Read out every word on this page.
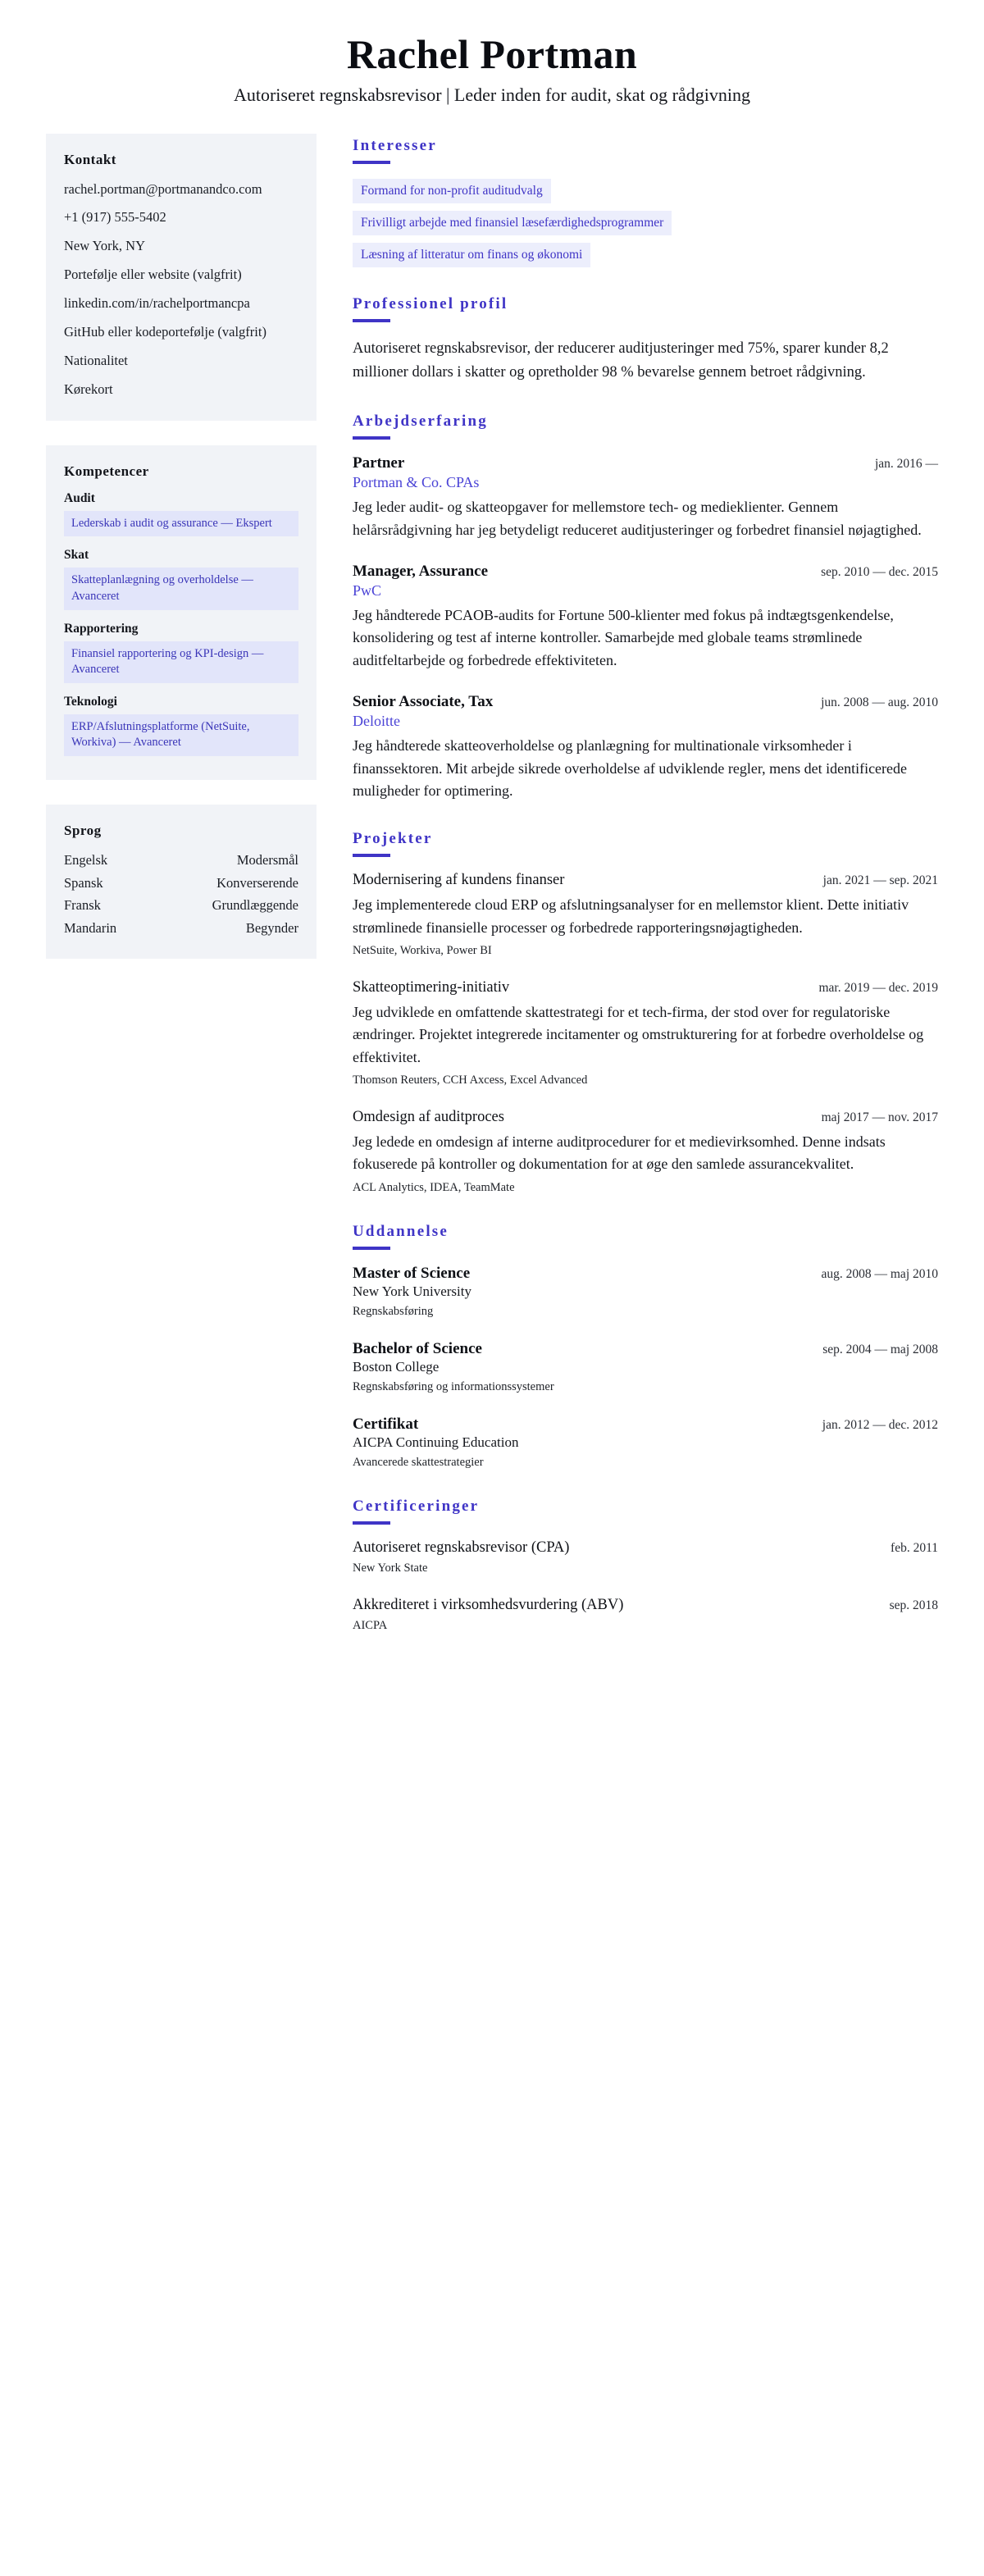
Rachel Portman
Autoriseret regnskabsrevisor | Leder inden for audit, skat og rådgivning
Kontakt
rachel.portman@portmanandco.com
+1 (917) 555-5402
New York, NY
Portefølje eller website (valgfrit)
linkedin.com/in/rachelportmancpa
GitHub eller kodeportefølje (valgfrit)
Nationalitet
Kørekort
Kompetencer
Audit
Lederskab i audit og assurance — Ekspert
Skat
Skatteplanlægning og overholdelse — Avanceret
Rapportering
Finansiel rapportering og KPI-design — Avanceret
Teknologi
ERP/Afslutningsplatforme (NetSuite, Workiva) — Avanceret
Sprog
Engelsk	Modersmål
Spansk	Konverserende
Fransk	Grundlæggende
Mandarin	Begynder
Interesser
Formand for non-profit auditudvalg
Frivilligt arbejde med finansiel læsefærdighedsprogrammer
Læsning af litteratur om finans og økonomi
Professionel profil

Autoriseret regnskabsrevisor, der reducerer auditjusteringer med 75%, sparer kunder 8,2 millioner dollars i skatter og opretholder 98 % bevarelse gennem betroet rådgivning.

Arbejdserfaring
Partner	jan. 2016 —
Portman & Co. CPAs
Jeg leder audit- og skatteopgaver for mellemstore tech- og medieklienter. Gennem helårsrådgivning har jeg betydeligt reduceret auditjusteringer og forbedret finansiel nøjagtighed.
Manager, Assurance	sep. 2010 — dec. 2015
PwC
Jeg håndterede PCAOB-audits for Fortune 500-klienter med fokus på indtægtsgenkendelse, konsolidering og test af interne kontroller. Samarbejde med globale teams strømlinede auditfeltarbejde og forbedrede effektiviteten.
Senior Associate, Tax	jun. 2008 — aug. 2010
Deloitte
Jeg håndterede skatteoverholdelse og planlægning for multinationale virksomheder i finanssektoren. Mit arbejde sikrede overholdelse af udviklende regler, mens det identificerede muligheder for optimering.
Projekter
Modernisering af kundens finanser	jan. 2021 — sep. 2021
Jeg implementerede cloud ERP og afslutningsanalyser for en mellemstor klient. Dette initiativ strømlinede finansielle processer og forbedrede rapporteringsnøjagtigheden.
NetSuite, Workiva, Power BI
Skatteoptimering-initiativ	mar. 2019 — dec. 2019
Jeg udviklede en omfattende skattestrategi for et tech-firma, der stod over for regulatoriske ændringer. Projektet integrerede incitamenter og omstrukturering for at forbedre overholdelse og effektivitet.
Thomson Reuters, CCH Axcess, Excel Advanced
Omdesign af auditproces	maj 2017 — nov. 2017
Jeg ledede en omdesign af interne auditprocedurer for et medievirksomhed. Denne indsats fokuserede på kontroller og dokumentation for at øge den samlede assurancekvalitet.
ACL Analytics, IDEA, TeamMate
Uddannelse
Master of Science	aug. 2008 — maj 2010
New York University
Regnskabsføring
Bachelor of Science	sep. 2004 — maj 2008
Boston College
Regnskabsføring og informationssystemer
Certifikat	jan. 2012 — dec. 2012
AICPA Continuing Education
Avancerede skattestrategier
Certificeringer
Autoriseret regnskabsrevisor (CPA)	feb. 2011
New York State
Akkrediteret i virksomhedsvurdering (ABV)	sep. 2018
AICPA
